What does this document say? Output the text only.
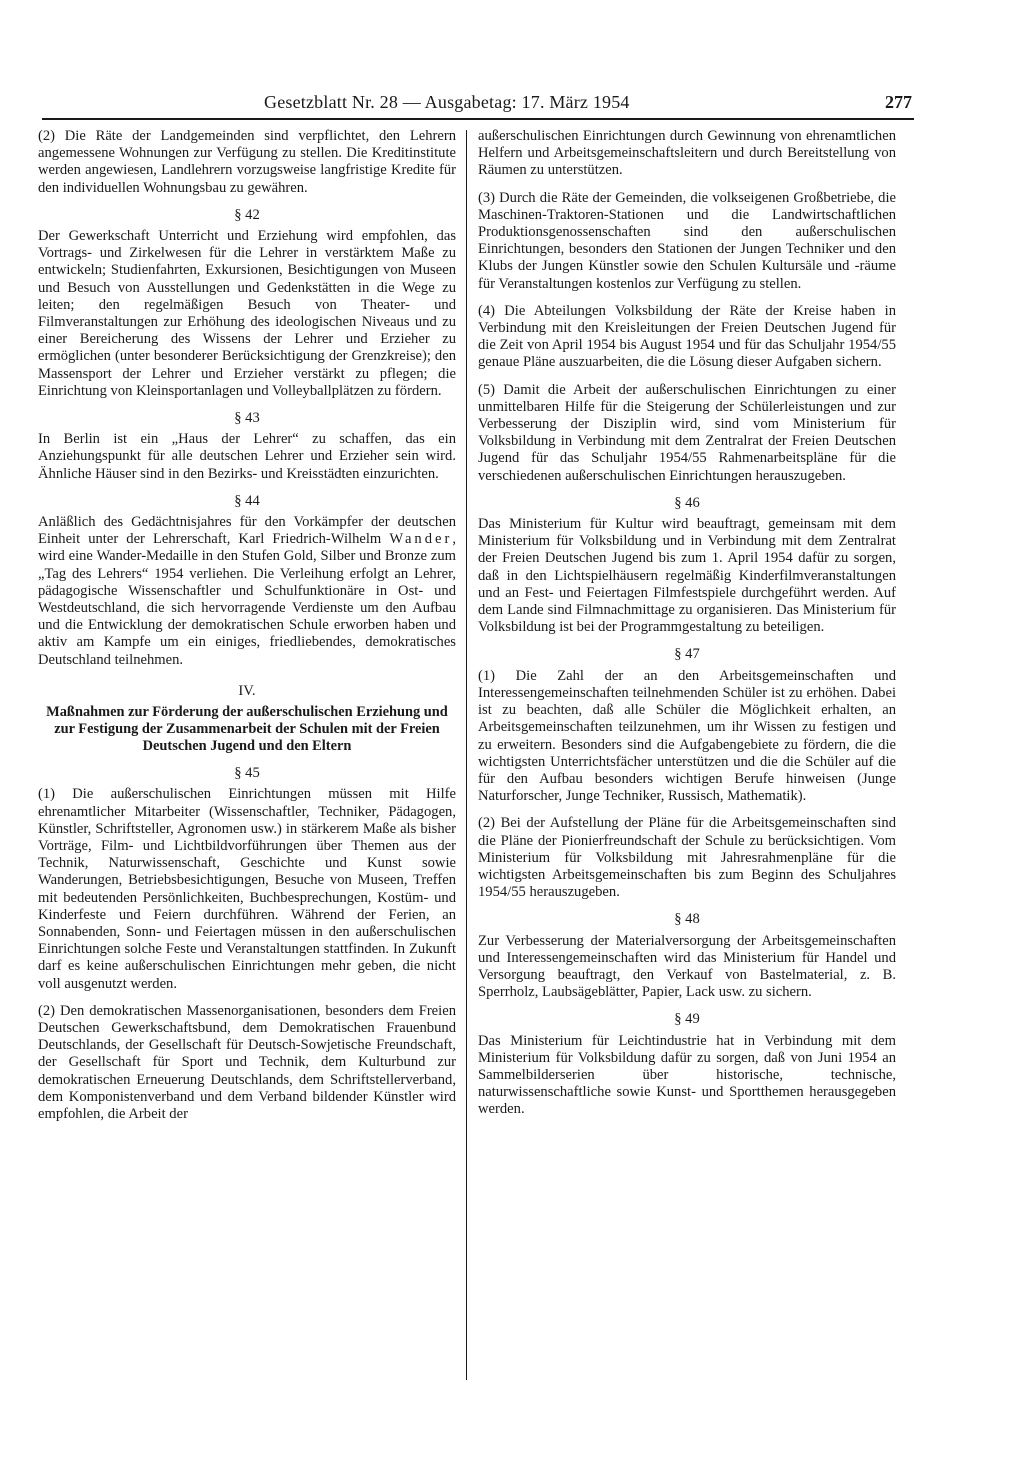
Gesetzblatt Nr. 28 — Ausgabetag: 17. März 1954	277

(2) Die Räte der Landgemeinden sind verpflichtet, den Lehrern angemessene Wohnungen zur Verfügung zu stellen. Die Kreditinstitute werden angewiesen, Landlehrern vorzugsweise langfristige Kredite für den individuellen Wohnungsbau zu gewähren.

§ 42

Der Gewerkschaft Unterricht und Erziehung wird empfohlen, das Vortrags- und Zirkelwesen für die Lehrer in verstärktem Maße zu entwickeln; Studienfahrten, Exkursionen, Besichtigungen von Museen und Besuch von Ausstellungen und Gedenkstätten in die Wege zu leiten; den regelmäßigen Besuch von Theater- und Filmveranstaltungen zur Erhöhung des ideologischen Niveaus und zu einer Bereicherung des Wissens der Lehrer und Erzieher zu ermöglichen (unter besonderer Berücksichtigung der Grenzkreise); den Massensport der Lehrer und Erzieher verstärkt zu pflegen; die Einrichtung von Kleinsportanlagen und Volleyballplätzen zu fördern.

§ 43

In Berlin ist ein „Haus der Lehrer“ zu schaffen, das ein Anziehungspunkt für alle deutschen Lehrer und Erzieher sein wird. Ähnliche Häuser sind in den Bezirks- und Kreisstädten einzurichten.

§ 44

Anläßlich des Gedächtnisjahres für den Vorkämpfer der deutschen Einheit unter der Lehrerschaft, Karl Friedrich-Wilhelm Wander, wird eine Wander-Medaille in den Stufen Gold, Silber und Bronze zum „Tag des Lehrers“ 1954 verliehen. Die Verleihung erfolgt an Lehrer, pädagogische Wissenschaftler und Schulfunktionäre in Ost- und Westdeutschland, die sich hervorragende Verdienste um den Aufbau und die Entwicklung der demokratischen Schule erworben haben und aktiv am Kampfe um ein einiges, friedliebendes, demokratisches Deutschland teilnehmen.

IV.
Maßnahmen zur Förderung der außerschulischen Erziehung und zur Festigung der Zusammenarbeit der Schulen mit der Freien Deutschen Jugend und den Eltern
§ 45

(1) Die außerschulischen Einrichtungen müssen mit Hilfe ehrenamtlicher Mitarbeiter (Wissenschaftler, Techniker, Pädagogen, Künstler, Schriftsteller, Agronomen usw.) in stärkerem Maße als bisher Vorträge, Film- und Lichtbildvorführungen über Themen aus der Technik, Naturwissenschaft, Geschichte und Kunst sowie Wanderungen, Betriebsbesichtigungen, Besuche von Museen, Treffen mit bedeutenden Persönlichkeiten, Buchbesprechungen, Kostüm- und Kinderfeste und Feiern durchführen. Während der Ferien, an Sonnabenden, Sonn- und Feiertagen müssen in den außerschulischen Einrichtungen solche Feste und Veranstaltungen stattfinden. In Zukunft darf es keine außerschulischen Einrichtungen mehr geben, die nicht voll ausgenutzt werden.

(2) Den demokratischen Massenorganisationen, besonders dem Freien Deutschen Gewerkschaftsbund, dem Demokratischen Frauenbund Deutschlands, der Gesellschaft für Deutsch-Sowjetische Freundschaft, der Gesellschaft für Sport und Technik, dem Kulturbund zur demokratischen Erneuerung Deutschlands, dem Schriftstellerverband, dem Komponistenverband und dem Verband bildender Künstler wird empfohlen, die Arbeit der

außerschulischen Einrichtungen durch Gewinnung von ehrenamtlichen Helfern und Arbeitsgemeinschaftsleitern und durch Bereitstellung von Räumen zu unterstützen.

(3) Durch die Räte der Gemeinden, die volkseigenen Großbetriebe, die Maschinen-Traktoren-Stationen und die Landwirtschaftlichen Produktionsgenossenschaften sind den außerschulischen Einrichtungen, besonders den Stationen der Jungen Techniker und den Klubs der Jungen Künstler sowie den Schulen Kultursäle und -räume für Veranstaltungen kostenlos zur Verfügung zu stellen.

(4) Die Abteilungen Volksbildung der Räte der Kreise haben in Verbindung mit den Kreisleitungen der Freien Deutschen Jugend für die Zeit von April 1954 bis August 1954 und für das Schuljahr 1954/55 genaue Pläne auszuarbeiten, die die Lösung dieser Aufgaben sichern.

(5) Damit die Arbeit der außerschulischen Einrichtungen zu einer unmittelbaren Hilfe für die Steigerung der Schülerleistungen und zur Verbesserung der Disziplin wird, sind vom Ministerium für Volksbildung in Verbindung mit dem Zentralrat der Freien Deutschen Jugend für das Schuljahr 1954/55 Rahmenarbeitspläne für die verschiedenen außerschulischen Einrichtungen herauszugeben.

§ 46

Das Ministerium für Kultur wird beauftragt, gemeinsam mit dem Ministerium für Volksbildung und in Verbindung mit dem Zentralrat der Freien Deutschen Jugend bis zum 1. April 1954 dafür zu sorgen, daß in den Lichtspielhäusern regelmäßig Kinderfilmveranstaltungen und an Fest- und Feiertagen Filmfestspiele durchgeführt werden. Auf dem Lande sind Filmnachmittage zu organisieren. Das Ministerium für Volksbildung ist bei der Programmgestaltung zu beteiligen.

§ 47

(1) Die Zahl der an den Arbeitsgemeinschaften und Interessengemeinschaften teilnehmenden Schüler ist zu erhöhen. Dabei ist zu beachten, daß alle Schüler die Möglichkeit erhalten, an Arbeitsgemeinschaften teilzunehmen, um ihr Wissen zu festigen und zu erweitern. Besonders sind die Aufgabengebiete zu fördern, die die wichtigsten Unterrichtsfächer unterstützen und die die Schüler auf die für den Aufbau besonders wichtigen Berufe hinweisen (Junge Naturforscher, Junge Techniker, Russisch, Mathematik).

(2) Bei der Aufstellung der Pläne für die Arbeitsgemeinschaften sind die Pläne der Pionierfreundschaft der Schule zu berücksichtigen. Vom Ministerium für Volksbildung mit Jahresrahmenpläne für die wichtigsten Arbeitsgemeinschaften bis zum Beginn des Schuljahres 1954/55 herauszugeben.

§ 48

Zur Verbesserung der Materialversorgung der Arbeitsgemeinschaften und Interessengemeinschaften wird das Ministerium für Handel und Versorgung beauftragt, den Verkauf von Bastelmaterial, z. B. Sperrholz, Laubsägeblätter, Papier, Lack usw. zu sichern.

§ 49

Das Ministerium für Leichtindustrie hat in Verbindung mit dem Ministerium für Volksbildung dafür zu sorgen, daß von Juni 1954 an Sammelbilderserien über historische, technische, naturwissenschaftliche sowie Kunst- und Sportthemen herausgegeben werden.
